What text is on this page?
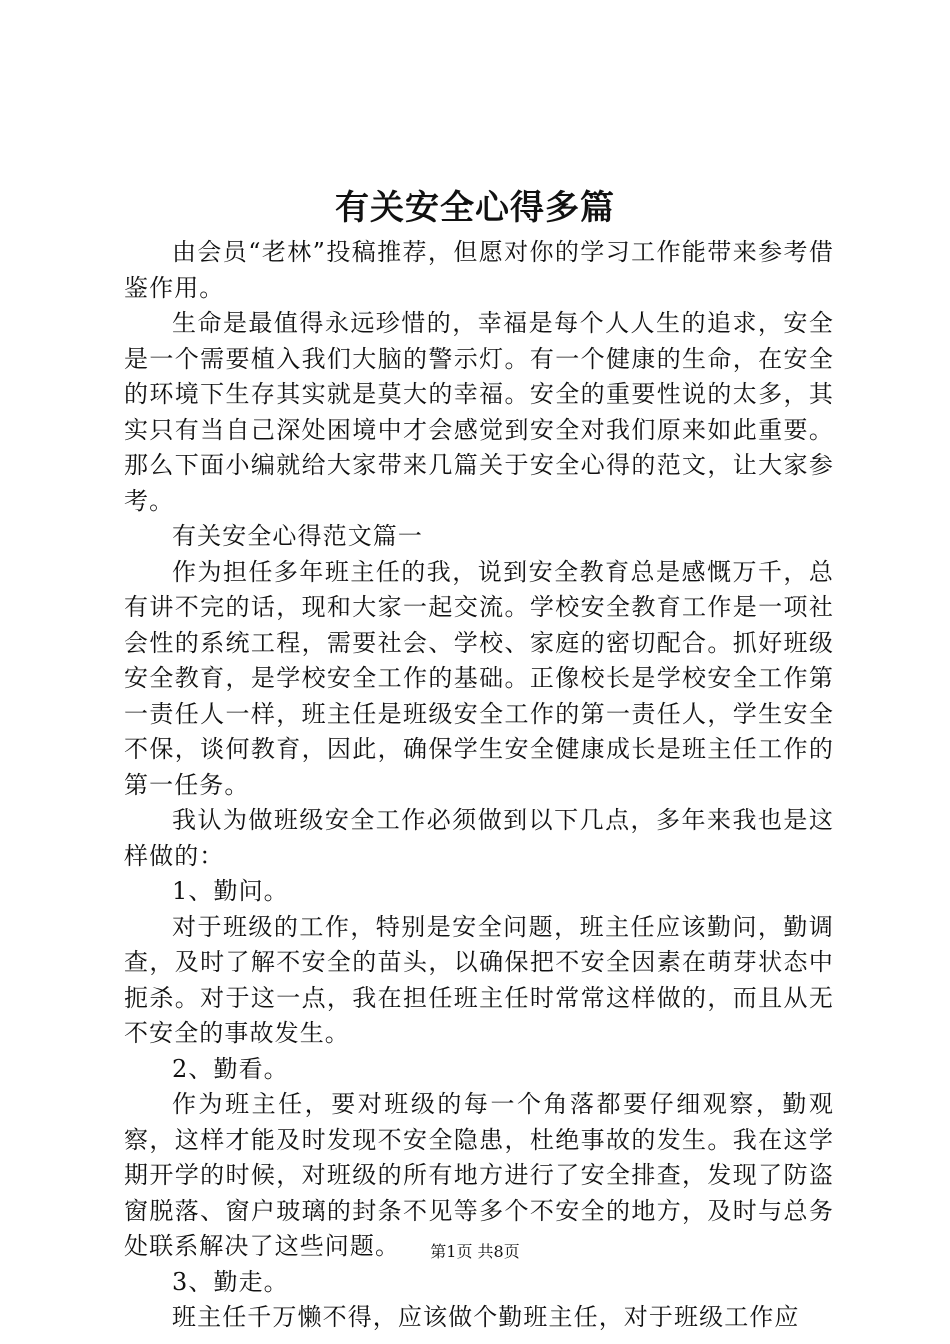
有关安全心得多篇

由会员“老林”投稿推荐，但愿对你的学习工作能带来参考借鉴作用。

生命是最值得永远珍惜的，幸福是每个人人生的追求，安全是一个需要植入我们大脑的警示灯。有一个健康的生命，在安全的环境下生存其实就是莫大的幸福。安全的重要性说的太多，其实只有当自己深处困境中才会感觉到安全对我们原来如此重要。那么下面小编就给大家带来几篇关于安全心得的范文，让大家参考。

有关安全心得范文篇一

作为担任多年班主任的我，说到安全教育总是感慨万千，总有讲不完的话，现和大家一起交流。学校安全教育工作是一项社会性的系统工程，需要社会、学校、家庭的密切配合。抓好班级安全教育，是学校安全工作的基础。正像校长是学校安全工作第一责任人一样，班主任是班级安全工作的第一责任人，学生安全不保，谈何教育，因此，确保学生安全健康成长是班主任工作的第一任务。

我认为做班级安全工作必须做到以下几点，多年来我也是这样做的：

1、勤问。

对于班级的工作，特别是安全问题，班主任应该勤问，勤调查，及时了解不安全的苗头，以确保把不安全因素在萌芽状态中扼杀。对于这一点，我在担任班主任时常常这样做的，而且从无不安全的事故发生。

2、勤看。

作为班主任，要对班级的每一个角落都要仔细观察，勤观察，这样才能及时发现不安全隐患，杜绝事故的发生。我在这学期开学的时候，对班级的所有地方进行了安全排查，发现了防盗窗脱落、窗户玻璃的封条不见等多个不安全的地方，及时与总务处联系解决了这些问题。

3、勤走。

班主任千万懒不得，应该做个勤班主任，对于班级工作应

第1页 共8页
